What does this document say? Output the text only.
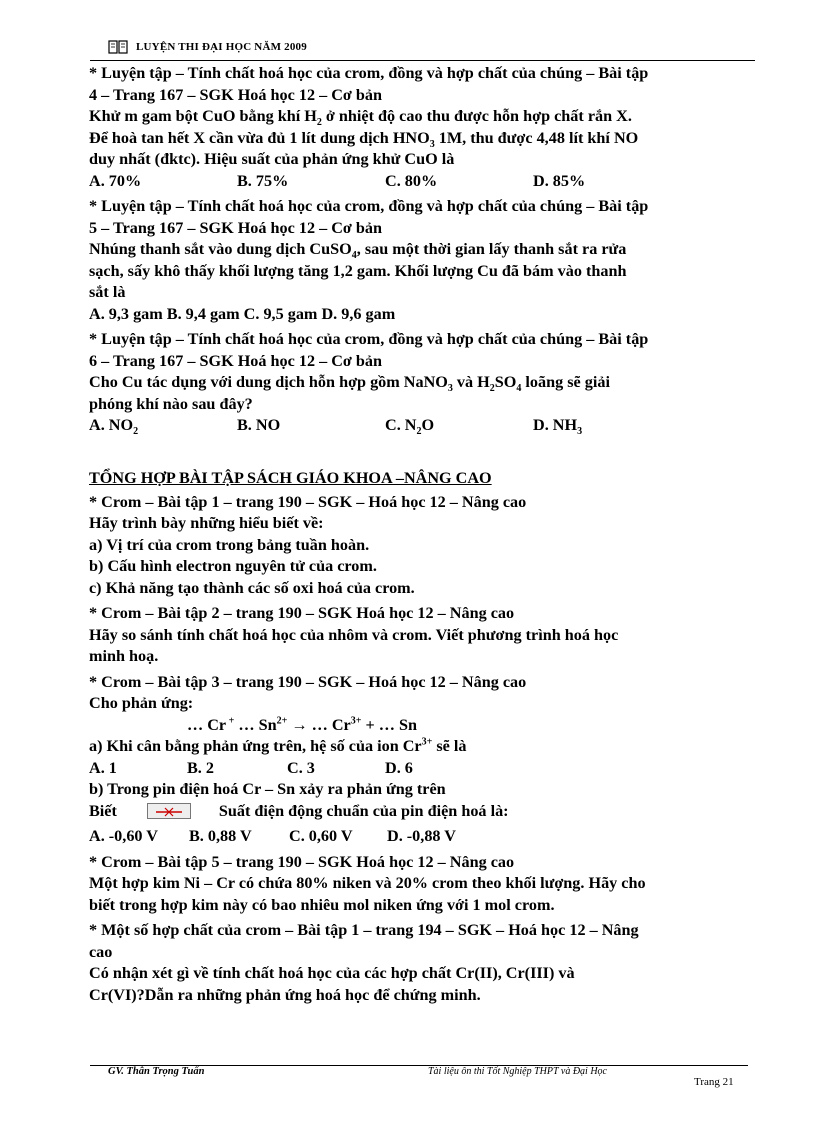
LUYỆN THI ĐẠI HỌC NĂM 2009
* Luyện tập – Tính chất hoá học của crom, đồng và hợp chất của chúng – Bài tập
4 – Trang 167 – SGK Hoá học 12 – Cơ bản
Khử m gam bột CuO bằng khí $H_2$ ở nhiệt độ cao thu được hỗn hợp chất rắn X.
Để hoà tan hết X cần vừa đủ 1 lít dung dịch $HNO_3$ 1M, thu được 4,48 lít khí NO
duy nhất (đktc). Hiệu suất của phản ứng khử CuO là
A. 70%	B. 75%	C. 80%	D. 85%
* Luyện tập – Tính chất hoá học của crom, đồng và hợp chất của chúng – Bài tập
5 – Trang 167 – SGK Hoá học 12 – Cơ bản
Nhúng thanh sắt vào dung dịch CuSO$_4$, sau một thời gian lấy thanh sắt ra rửa
sạch, sấy khô thấy khối lượng tăng 1,2 gam. Khối lượng Cu đã bám vào thanh
sắt là
A. 9,3 gam B. 9,4 gam C. 9,5 gam D. 9,6 gam
* Luyện tập – Tính chất hoá học của crom, đồng và hợp chất của chúng – Bài tập
6 – Trang 167 – SGK Hoá học 12 – Cơ bản
Cho Cu tác dụng với dung dịch hỗn hợp gồm NaNO$_3$ và $H_2SO_4$ loãng sẽ giải
phóng khí nào sau đây?
A. $NO_2$	B. NO	C. $N_2O$	D. $NH_3$
TỔNG HỢP BÀI TẬP SÁCH GIÁO KHOA –NÂNG CAO
* Crom – Bài tập 1 – trang 190 – SGK – Hoá học 12 – Nâng cao
Hãy trình bày những hiểu biết về:
a) Vị trí của crom trong bảng tuần hoàn.
b) Cấu hình electron nguyên tử của crom.
c) Khả năng tạo thành các số oxi hoá của crom.
* Crom – Bài tập 2 – trang 190 – SGK Hoá học 12 – Nâng cao
Hãy so sánh tính chất hoá học của nhôm và crom. Viết phương trình hoá học
minh hoạ.
* Crom – Bài tập 3 – trang 190 – SGK – Hoá học 12 – Nâng cao
Cho phản ứng:
… Cr + … $Sn^{2+}$ → … $Cr^{3+}$ + … Sn
a) Khi cân bằng phản ứng trên, hệ số của ion $Cr^{3+}$ sẽ là
A. 1	B. 2	C. 3	D. 6
b) Trong pin điện hoá Cr – Sn xảy ra phản ứng trên
Biết	Suất điện động chuẩn của pin điện hoá là:
A. -0,60 V	B. 0,88 V	C. 0,60 V	D. -0,88 V
* Crom – Bài tập 5 – trang 190 – SGK Hoá học 12 – Nâng cao
Một hợp kim Ni – Cr có chứa 80% niken và 20% crom theo khối lượng. Hãy cho
biết trong hợp kim này có bao nhiêu mol niken ứng với 1 mol crom.
* Một số hợp chất của crom – Bài tập 1 – trang 194 – SGK – Hoá học 12 – Nâng
cao
Có nhận xét gì về tính chất hoá học của các hợp chất Cr(II), Cr(III) và
Cr(VI)?Dẫn ra những phản ứng hoá học để chứng minh.
GV. Thân Trọng Tuấn	Tài liệu ôn thi Tốt Nghiệp THPT và Đại Học
Trang 21
